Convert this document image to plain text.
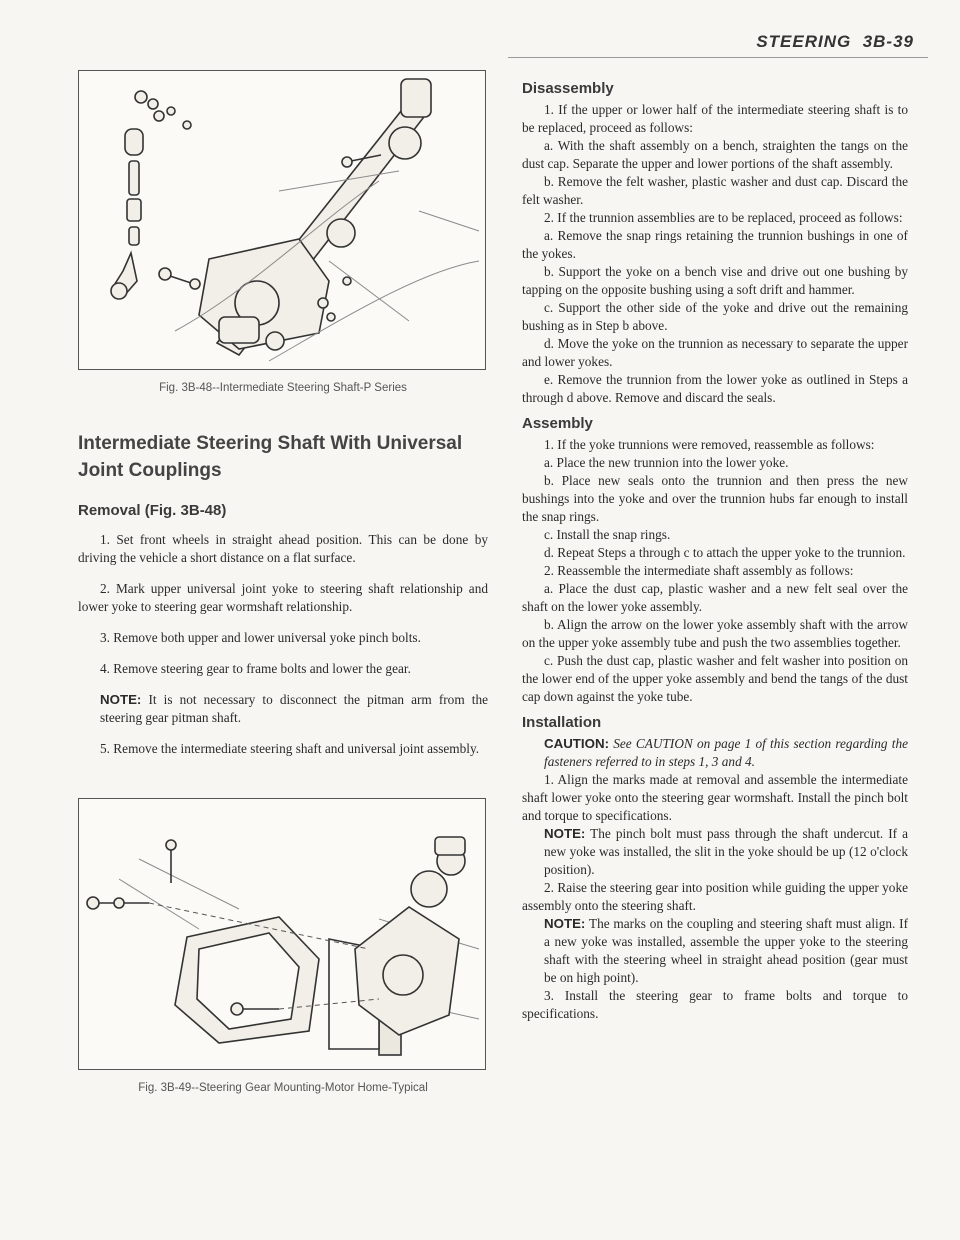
STEERING 3B-39
Fig. 3B-48--Intermediate Steering Shaft-P Series
Intermediate Steering Shaft With Universal Joint Couplings
Removal (Fig. 3B-48)

1. Set front wheels in straight ahead position. This can be done by driving the vehicle a short distance on a flat surface.

2. Mark upper universal joint yoke to steering shaft relationship and lower yoke to steering gear wormshaft relationship.

3. Remove both upper and lower universal yoke pinch bolts.

4. Remove steering gear to frame bolts and lower the gear.

NOTE: It is not necessary to disconnect the pitman arm from the steering gear pitman shaft.

5. Remove the intermediate steering shaft and universal joint assembly.

Fig. 3B-49--Steering Gear Mounting-Motor Home-Typical
Disassembly

1. If the upper or lower half of the intermediate steering shaft is to be replaced, proceed as follows:

a. With the shaft assembly on a bench, straighten the tangs on the dust cap. Separate the upper and lower portions of the shaft assembly.

b. Remove the felt washer, plastic washer and dust cap. Discard the felt washer.

2. If the trunnion assemblies are to be replaced, proceed as follows:

a. Remove the snap rings retaining the trunnion bushings in one of the yokes.

b. Support the yoke on a bench vise and drive out one bushing by tapping on the opposite bushing using a soft drift and hammer.

c. Support the other side of the yoke and drive out the remaining bushing as in Step b above.

d. Move the yoke on the trunnion as necessary to separate the upper and lower yokes.

e. Remove the trunnion from the lower yoke as outlined in Steps a through d above. Remove and discard the seals.

Assembly

1. If the yoke trunnions were removed, reassemble as follows:

a. Place the new trunnion into the lower yoke.

b. Place new seals onto the trunnion and then press the new bushings into the yoke and over the trunnion hubs far enough to install the snap rings.

c. Install the snap rings.

d. Repeat Steps a through c to attach the upper yoke to the trunnion.

2. Reassemble the intermediate shaft assembly as follows:

a. Place the dust cap, plastic washer and a new felt seal over the shaft on the lower yoke assembly.

b. Align the arrow on the lower yoke assembly shaft with the arrow on the upper yoke assembly tube and push the two assemblies together.

c. Push the dust cap, plastic washer and felt washer into position on the lower end of the upper yoke assembly and bend the tangs of the dust cap down against the yoke tube.

Installation

CAUTION: See CAUTION on page 1 of this section regarding the fasteners referred to in steps 1, 3 and 4.

1. Align the marks made at removal and assemble the intermediate shaft lower yoke onto the steering gear wormshaft. Install the pinch bolt and torque to specifications.

NOTE: The pinch bolt must pass through the shaft undercut. If a new yoke was installed, the slit in the yoke should be up (12 o'clock position).

2. Raise the steering gear into position while guiding the upper yoke assembly onto the steering shaft.

NOTE: The marks on the coupling and steering shaft must align. If a new yoke was installed, assemble the upper yoke to the steering shaft with the steering wheel in straight ahead position (gear must be on high point).

3. Install the steering gear to frame bolts and torque to specifications.
